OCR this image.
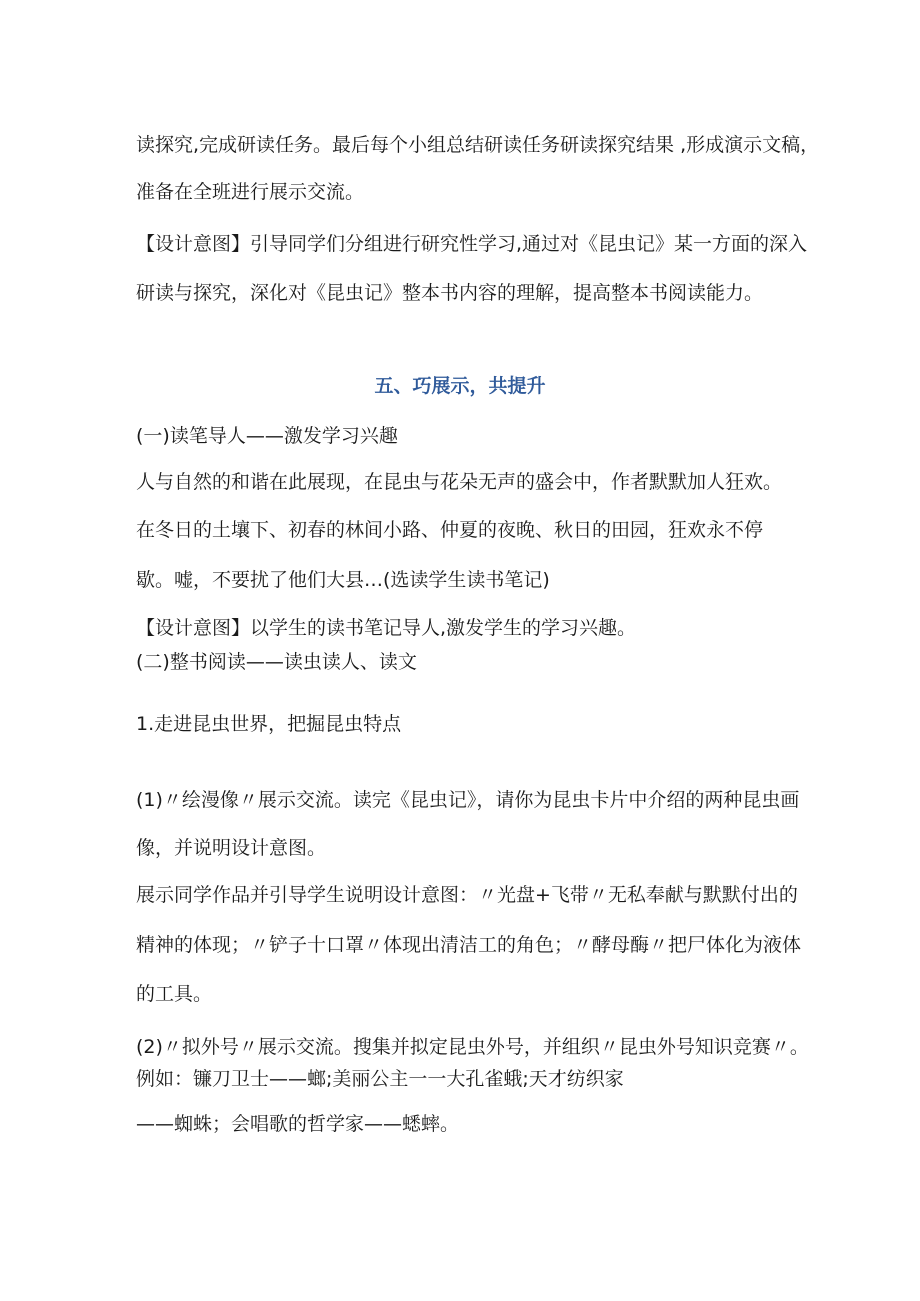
读探究,完成研读任务。最后每个小组总结研读任务研读探究结果 ,形成演示文稿，
准备在全班进行展示交流。
【设计意图】引导同学们分组进行研究性学习,通过对《昆虫记》某一方面的深入
研读与探究，深化对《昆虫记》整本书内容的理解，提高整本书阅读能力。
五、巧展示，共提升
(一)读笔导人——激发学习兴趣
人与自然的和谐在此展现，在昆虫与花朵无声的盛会中，作者默默加人狂欢。
在冬日的土壤下、初春的林间小路、仲夏的夜晚、秋日的田园，狂欢永不停
歇。嘘，不要扰了他们大县…(选读学生读书笔记)
【设计意图】以学生的读书笔记导人,激发学生的学习兴趣。
(二)整书阅读——读虫读人、读文
1.走进昆虫世界，把掘昆虫特点
(1)〃绘漫像〃展示交流。读完《昆虫记》，请你为昆虫卡片中介绍的两种昆虫画
像，并说明设计意图。
展示同学作品并引导学生说明设计意图：〃光盘+飞带〃无私奉献与默默付出的
精神的体现；〃铲子十口罩〃体现出清洁工的角色；〃酵母酶〃把尸体化为液体
的工具。
(2)〃拟外号〃展示交流。搜集并拟定昆虫外号，并组织〃昆虫外号知识竞赛〃。
例如：镰刀卫士——螂;美丽公主一一大孔雀蛾;天才纺织家
——蜘蛛；会唱歌的哲学家——蟋蟀。
